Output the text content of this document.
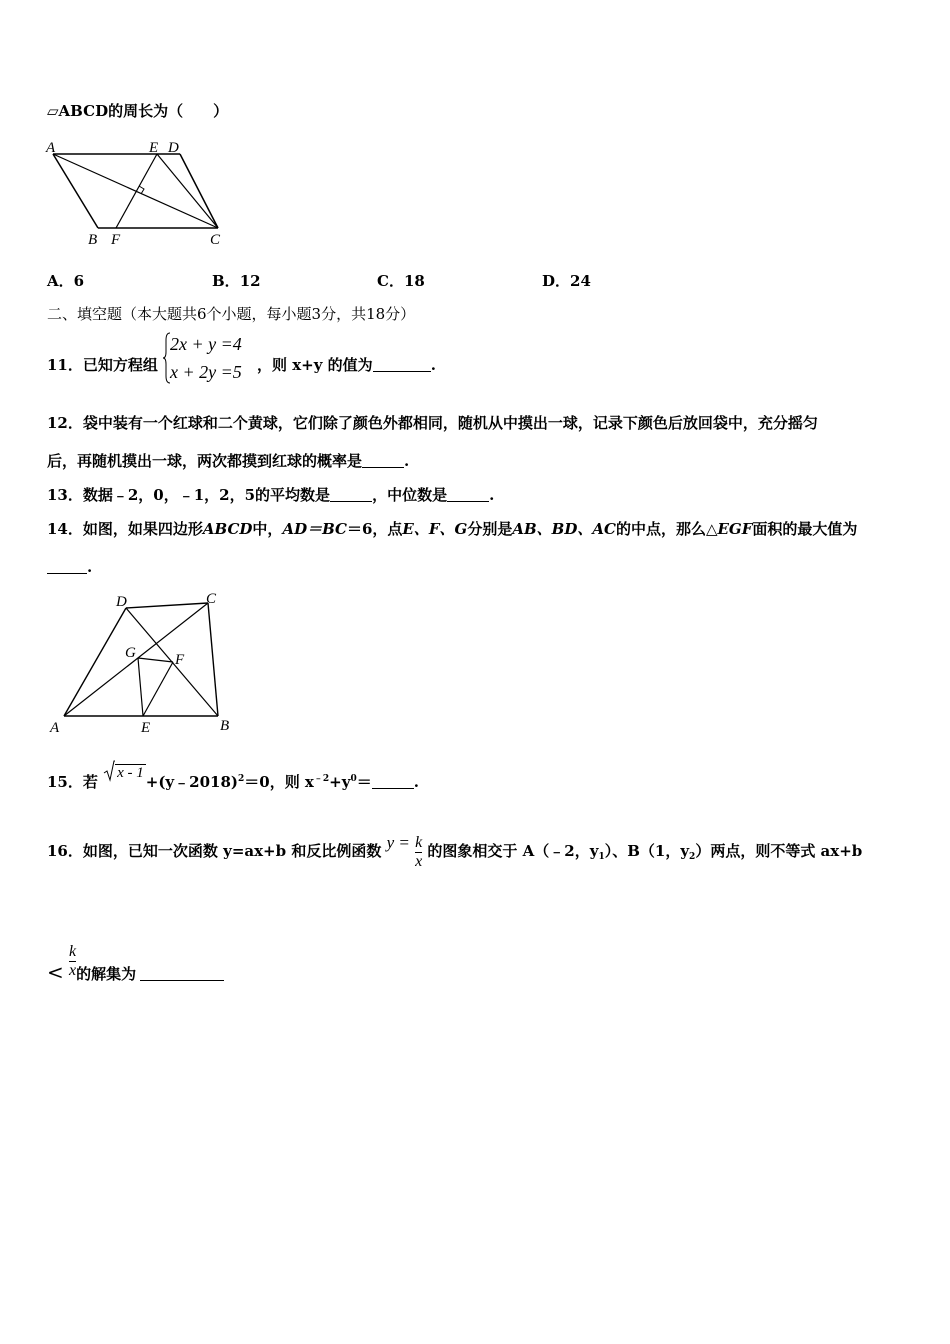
▱ABCD的周长为（　　）
A	E D
B F	C
A．6	B．12	C．18	D．24
二、填空题（本大题共6个小题，每小题3分，共18分）
11．已知方程组
2x + y =4
x + 2y =5 ，则 x+y 的值为	.
12．袋中装有一个红球和二个黄球，它们除了颜色外都相同，随机从中摸出一球，记录下颜色后放回袋中，充分摇匀
后，再随机摸出一球，两次都摸到红球的概率是	.
13．数据﹣2，0，﹣1，2，5的平均数是	，中位数是	.
14．如图，如果四边形ABCD中，AD＝BC＝6，点E、F、G分别是AB、BD、AC的中点，那么△EGF面积的最大值为
.
D	C
G	F
A	E	B
15．若 x - 1 +(y﹣2018)$^2$＝0，则 $x^{﹣2}+y^0=$	.
16．如图，已知一次函数 y=ax+b 和反比例函数 $y = \frac{k}{x}$ 的图象相交于 A（﹣2，$y_1$）、B（1，$y_2$）两点，则不等式 ax+b
< $\frac{k}{x}$ 的解集为
